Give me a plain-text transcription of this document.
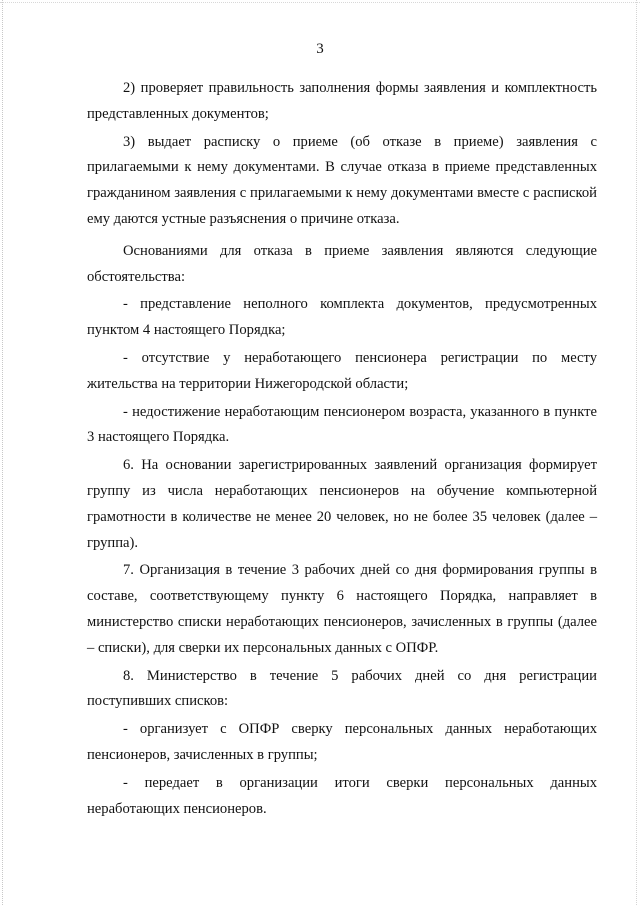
3

2) проверяет правильность заполнения формы заявления и комплектность представленных документов;

3) выдает расписку о приеме (об отказе в приеме) заявления с прилагаемыми к нему документами. В случае отказа в приеме представленных гражданином заявления с прилагаемыми к нему документами вместе с распиской ему даются устные разъяснения о причине отказа.

Основаниями для отказа в приеме заявления являются следующие обстоятельства:

- представление неполного комплекта документов, предусмотренных пунктом 4 настоящего Порядка;

- отсутствие у неработающего пенсионера регистрации по месту жительства на территории Нижегородской области;

- недостижение неработающим пенсионером возраста, указанного в пункте 3 настоящего Порядка.

6. На основании зарегистрированных заявлений организация формирует группу из числа неработающих пенсионеров на обучение компьютерной грамотности в количестве не менее 20 человек, но не более 35 человек (далее – группа).

7. Организация в течение 3 рабочих дней со дня формирования группы в составе, соответствующему пункту 6 настоящего Порядка, направляет в министерство списки неработающих пенсионеров, зачисленных в группы (далее – списки), для сверки их персональных данных с ОПФР.

8. Министерство в течение 5 рабочих дней со дня регистрации поступивших списков:

- организует с ОПФР сверку персональных данных неработающих пенсионеров, зачисленных в группы;

- передает в организации итоги сверки персональных данных неработающих пенсионеров.
